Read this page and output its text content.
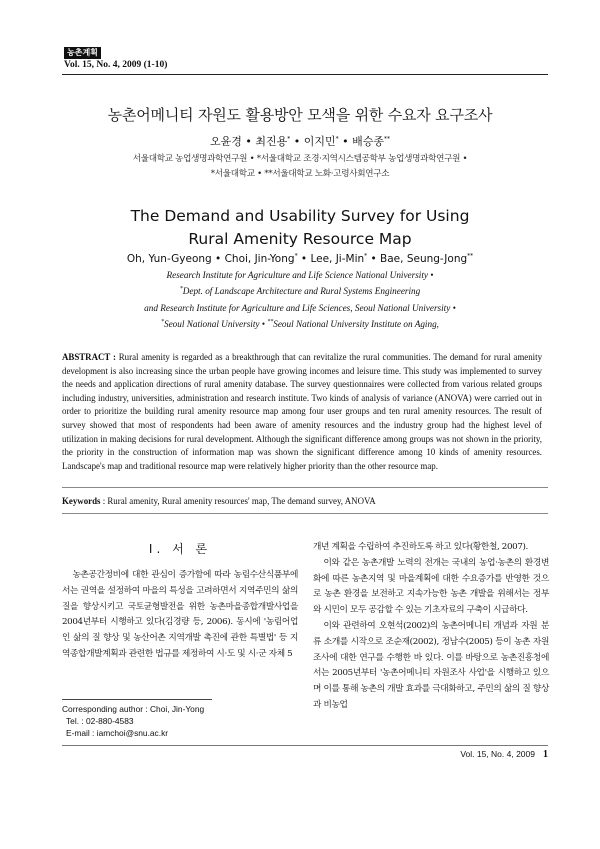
농촌계획
Vol. 15, No. 4, 2009 (1-10)
농촌어메니티 자원도 활용방안 모색을 위한 수요자 요구조사
오윤경 • 최진용* • 이지민* • 배승종**
서울대학교 농업생명과학연구원 • *서울대학교 조경·지역시스템공학부 농업생명과학연구원 •
*서울대학교 • **서울대학교 노화·고령사회연구소
The Demand and Usability Survey for Using
Rural Amenity Resource Map
Oh, Yun-Gyeong • Choi, Jin-Yong* • Lee, Ji-Min* • Bae, Seung-Jong**
Research Institute for Agriculture and Life Science National University •
*Dept. of Landscape Architecture and Rural Systems Engineering
and Research Institute for Agriculture and Life Sciences, Seoul National University •
*Seoul National University • **Seoul National University Institute on Aging,
ABSTRACT : Rural amenity is regarded as a breakthrough that can revitalize the rural communities. The demand for rural amenity development is also increasing since the urban people have growing incomes and leisure time. This study was implemented to survey the needs and application directions of rural amenity database. The survey questionnaires were collected from various related groups including industry, universities, administration and research institute. Two kinds of analysis of variance (ANOVA) were carried out in order to prioritize the building rural amenity resource map among four user groups and ten rural amenity resources. The result of survey showed that most of respondents had been aware of amenity resources and the industry group had the highest level of utilization in making decisions for rural development. Although the significant difference among groups was not shown in the priority, the priority in the construction of information map was shown the significant difference among 10 kinds of amenity resources. Landscape's map and traditional resource map were relatively higher priority than the other resource map.
Keywords : Rural amenity, Rural amenity resources' map, The demand survey, ANOVA
I. 서 론

농촌공간정비에 대한 관심이 증가함에 따라 농림수산식품부에서는 권역을 설정하여 마을의 특성을 고려하면서 지역주민의 삶의 질을 향상시키고 국토균형발전을 위한 농촌마을종합개발사업을 2004년부터 시행하고 있다(김경량 등, 2006). 동시에 '농림어업인 삶의 질 향상 및 농산어촌 지역개발 촉진에 관한 특별법' 등 지역종합개발계획과 관련한 법규를 제정하여 시·도 및 시·군 자체 5

개년 계획을 수립하여 추진하도록 하고 있다(황한철, 2007).

이와 같은 농촌개발 노력의 전개는 국내의 농업·농촌의 환경변화에 따른 농촌지역 및 마을계획에 대한 수요증가를 반영한 것으로 농촌 환경을 보전하고 지속가능한 농촌 개발을 위해서는 정부와 시민이 모두 공감할 수 있는 기초자료의 구축이 시급하다.

이와 관련하여 오현석(2002)의 농촌어메니티 개념과 자원 분류 소개를 시작으로 조순재(2002), 정남수(2005) 등이 농촌 자원 조사에 대한 연구를 수행한 바 있다. 이를 바탕으로 농촌진흥청에서는 2005년부터 '농촌어메니티 자원조사 사업'을 시행하고 있으며 이를 통해 농촌의 개발 효과를 극대화하고, 주민의 삶의 질 향상과 비농업

Corresponding author : Choi, Jin-Yong
Tel. : 02-880-4583
E-mail : iamchoi@snu.ac.kr
Vol. 15, No. 4, 2009 1
